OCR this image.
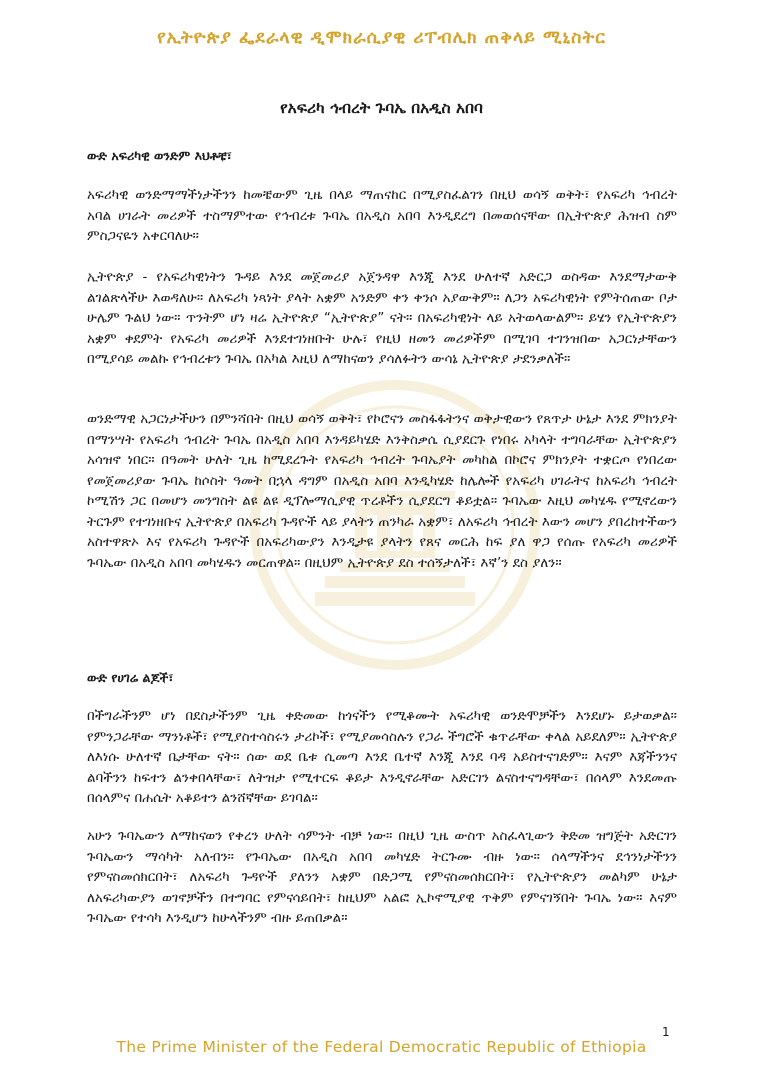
የኢትዮጵያ ፌደራላዊ ዲሞክራሲያዊ ሪፐብሊክ ጠቅላይ ሚኒስትር
የአፍሪካ ኅብረት ጉባኤ በአዲስ አበባ
ውድ አፍሪካዊ ወንድም እህቶቼ፣

አፍሪካዊ ወንድማማችነታችንን ከመቼውም ጊዜ በላይ ማጠናከር በሚያስፈልገን በዚህ ወሳኝ ወቅት፣ የአፍሪካ ኅብረት አባል ሀገራት መሪዎች ተስማምተው የኅብረቱ ጉባኤ በአዲስ አበባ እንዲደረግ በመወሰናቸው በኢትዮጵያ ሕዝብ ስም ምስጋናዬን አቀርባለሁ።

ኢትዮጵያ - የአፍሪካዊነትን ጉዳይ እንደ መጀመሪያ አጀንዳዋ እንጂ እንደ ሁለተኛ አድርጋ ወስዳው እንደማታውቅ ልገልጽላችሁ እወዳለሁ። ለአፍሪካ ነጻነት ያላት አቋም አንድም ቀን ቀንሶ አያውቅም። ለጋን አፍሪካዊነት የምትሰጠው ቦታ ሁሌም ጉልህ ነው። ጥንትም ሆነ ዛሬ ኢትዮጵያ “ኢትዮጵያ” ናት። በአፍሪካዊነት ላይ አትወላውልም። ይሄን የኢትዮጵያን አቋም ቀደምት የአፍሪካ መሪዎች እንደተገነዘቡት ሁሉ፣ የዚህ ዘመን መሪዎችም በሚገባ ተገንዝበው አጋርነታቸውን በሚያሳይ መልኩ የኅብረቱን ጉባኤ በአካል እዚህ ለማከናወን ያሳለፉትን ውሳኔ ኢትዮጵያ ታደንቃለች።

ወንድማዊ አጋርነታችሁን በምንሻበት በዚህ ወሳኝ ወቅት፣ የኮሮናን መስፋፋትንና ወቅታዊውን የጸጥታ ሁኔታ እንደ ምክንያት በማንሣት የአፍሪካ ኅብረት ጉባኤ በአዲስ አበባ እንዳይካሄድ እንቅስቃሴ ሲያደርጉ የነበሩ አካላት ተግባራቸው ኢትዮጵያን አሳዝኖ ነበር። በዓመት ሁለት ጊዜ ከሚደረጉት የአፍሪካ ኅብረት ጉባኤያት መካከል በኮሮና ምክንያት ተቋርጦ የነበረው የመጀመሪያው ጉባኤ ከሶስት ዓመት በኋላ ዳግም በአዲስ አበባ እንዲካሄድ ከሌሎች የአፍሪካ ሀገራትና ከአፍሪካ ኅብረት ኮሚሽን ጋር በመሆን መንግስት ልዩ ልዩ ዲፕሎማሲያዊ ጥረቶችን ሲያደርግ ቆይቷል። ጉባኤው እዚህ መካሄዱ የሚኖረውን ትርጉም የተገነዘቡና ኢትዮጵያ በአፍሪካ ጉዳዮች ላይ ያላትን ጠንካራ አቋም፣ ለአፍሪካ ኅብረት እውን መሆን ያበረከተችውን አስተዋጽኦ እና የአፍሪካ ጉዳዮች በአፍሪካውያን እንዲታዩ ያላትን የጸና መርሕ ከፍ ያለ ዋጋ የሰጡ የአፍሪካ መሪዎች ጉባኤው በአዲስ አበባ መካሄዱን መርጠዋል። በዚህም ኢትዮጵያ ደስ ተሰኝታለች፣ እኛ’ን ደስ ያለን።

ውድ የሀገሬ ልጆች፣

በችግራችንም ሆነ በደስታችንም ጊዜ ቀድመው ከጎናችን የሚቆሙት አፍሪካዊ ወንድሞቻችን እንደሆኑ ይታወቃል። የምንጋራቸው ማንነቶች፣ የሚያስተሳስሩን ታሪኮች፣ የሚያመሳስሉን የጋራ ችግሮች ቁጥራቸው ቀላል አይደለም። ኢትዮጵያ ለእነሱ ሁለተኛ ቤታቸው ናት። ሰው ወደ ቤቱ ሲመጣ እንደ ቤተኛ እንጂ እንደ ባዳ አይስተናገድም። እናም እጃችንንና ልባችንን ከፍተን ልንቀበላቸው፣ ለትዝታ የሚተርፍ ቆይታ እንዲኖራቸው አድርገን ልናስተናግዳቸው፣ በሰላም እንደመጡ በሰላምና በሐሴት አቆይተን ልንሸኛቸው ይገባል።

አሁን ጉባኤውን ለማከናወን የቀረን ሁለት ሳምንት ብቻ ነው። በዚህ ጊዜ ውስጥ አስፈላጊውን ቅድመ ዝግጅት አድርገን ጉባኤውን ማሳካት አለብን። የጉባኤው በአዲስ አበባ መካሄድ ትርጉሙ ብዙ ነው። ሰላማችንና ደኅንነታችንን የምናስመሰክርበት፣ ለአፍሪካ ጉዳዮች ያለንን አቋም በድጋሚ የምናስመሰክርበት፣ የኢትዮጵያን መልካም ሁኔታ ለአፍሪካውያን ወገኖቻችን በተግባር የምናሳይበት፣ ከዚህም አልፎ ኢኮኖሚያዊ ጥቅም የምናገኝበት ጉባኤ ነው። እናም ጉባኤው የተሳካ እንዲሆን ከሁላችንም ብዙ ይጠበቃል።

1
The Prime Minister of the Federal Democratic Republic of Ethiopia
